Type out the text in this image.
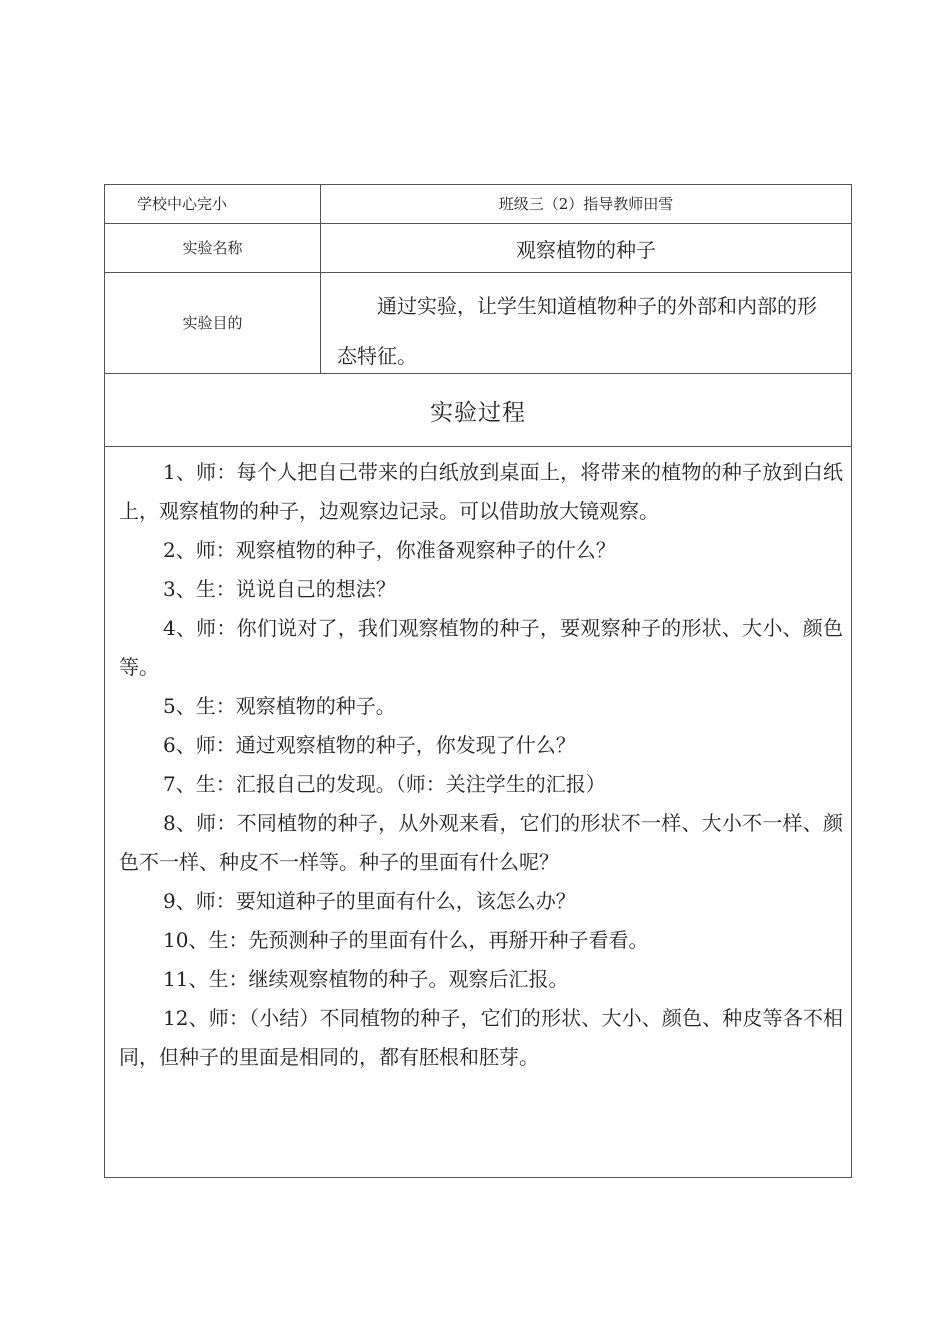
学校中心完小	班级三（2）指导教师田雪
实验名称	观察植物的种子
实验目的
通过实验，让学生知道植物种子的外部和内部的形态特征。
实验过程

1、师：每个人把自己带来的白纸放到桌面上，将带来的植物的种子放到白纸上，观察植物的种子，边观察边记录。可以借助放大镜观察。

2、师：观察植物的种子，你准备观察种子的什么？

3、生：说说自己的想法？

4、师：你们说对了，我们观察植物的种子，要观察种子的形状、大小、颜色等。

5、生：观察植物的种子。

6、师：通过观察植物的种子，你发现了什么？

7、生：汇报自己的发现。（师：关注学生的汇报）

8、师：不同植物的种子，从外观来看，它们的形状不一样、大小不一样、颜色不一样、种皮不一样等。种子的里面有什么呢？

9、师：要知道种子的里面有什么，该怎么办？

10、生：先预测种子的里面有什么，再掰开种子看看。

11、生：继续观察植物的种子。观察后汇报。

12、师：（小结）不同植物的种子，它们的形状、大小、颜色、种皮等各不相同，但种子的里面是相同的，都有胚根和胚芽。
